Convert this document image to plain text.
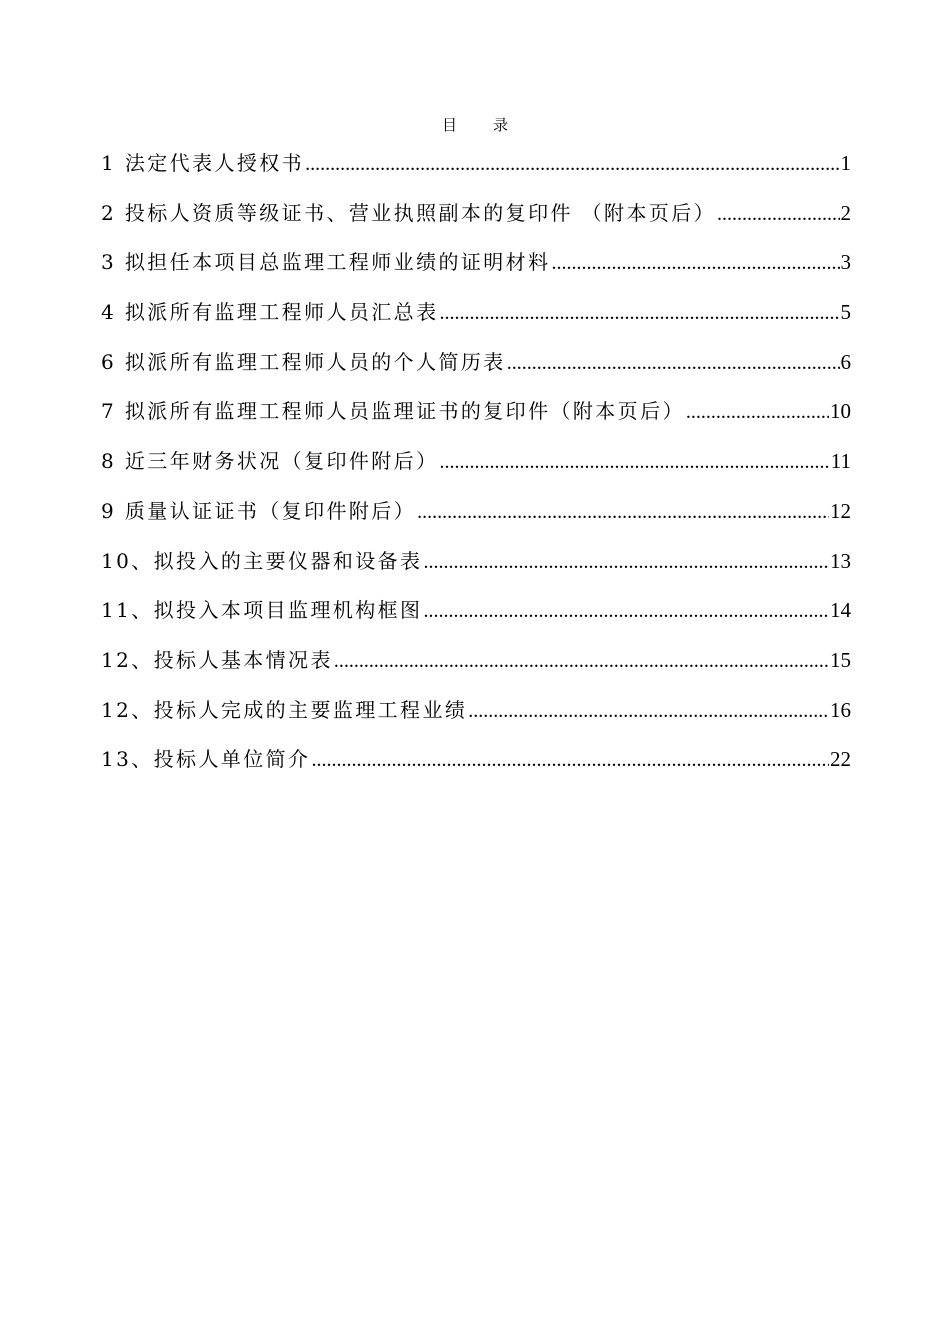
目录
1 法定代表人授权书 .....	1
2 投标人资质等级证书、营业执照副本的复印件 （附本页后） .....	2
3 拟担任本项目总监理工程师业绩的证明材料 .....	3
4 拟派所有监理工程师人员汇总表 .....	5
6 拟派所有监理工程师人员的个人简历表 .....	6
7 拟派所有监理工程师人员监理证书的复印件（附本页后） .....	10
8 近三年财务状况（复印件附后） .....	11
9 质量认证证书（复印件附后） .....	12
10、拟投入的主要仪器和设备表 .....	13
11、拟投入本项目监理机构框图 .....	14
12、投标人基本情况表 .....	15
12、投标人完成的主要监理工程业绩 .....	16
13、投标人单位简介 .....	22
